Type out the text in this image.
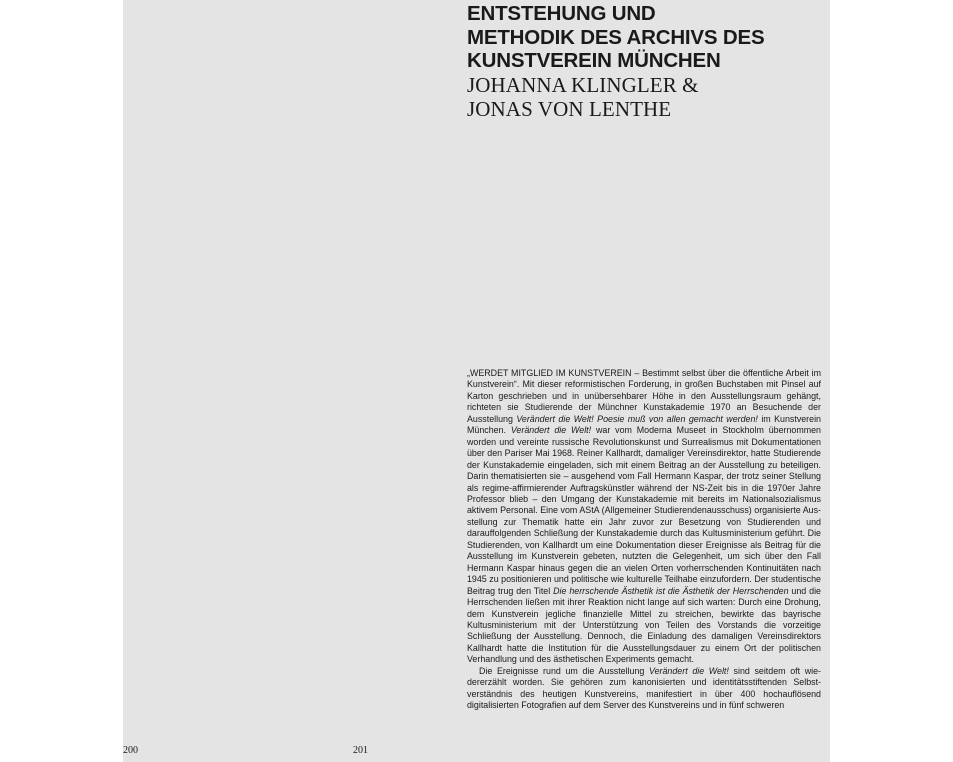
ENTSTEHUNG UND
METHODIK DES ARCHIVS DES
KUNSTVEREIN MÜNCHEN
JOHANNA KLINGLER &
JONAS VON LENTHE

„WERDET MITGLIED IM KUNSTVEREIN – Bestimmt selbst über die öffentliche Arbeit im Kunstverein“. Mit dieser reformistischen Forderung, in großen Buchstaben mit Pinsel auf Karton geschrieben und in unübersehbarer Höhe in den Ausstellungsraum gehängt, richteten sie Studierende der Münchner Kunstakademie 1970 an Besuchende der Ausstellung Verändert die Welt! Poesie muß von allen gemacht werden! im Kunstverein München. Verändert die Welt! war vom Moderna Museet in Stockholm übernommen worden und vereinte russische Revolutionskunst und Surrealismus mit Dokumentationen über den Pariser Mai 1968. Reiner Kallhardt, damaliger Vereinsdirektor, hatte Studierende der Kunstakademie eingeladen, sich mit einem Beitrag an der Ausstellung zu beteiligen. Darin thematisierten sie – ausgehend vom Fall Hermann Kaspar, der trotz seiner Stellung als regime-affirmierender Auftragskünstler während der NS-Zeit bis in die 1970er Jahre Professor blieb – den Umgang der Kunstakademie mit bereits im Nationalsozialismus aktivem Personal. Eine vom AStA (Allgemeiner Studierendenausschuss) organisierte Ausstellung zur Thematik hatte ein Jahr zuvor zur Besetzung von Studierenden und darauffolgenden Schließung der Kunstakademie durch das Kultusministerium geführt. Die Studierenden, von Kallhardt um eine Dokumentation dieser Ereignisse als Beitrag für die Ausstellung im Kunstverein gebeten, nutzten die Gelegenheit, um sich über den Fall Hermann Kaspar hinaus gegen die an vielen Orten vorherrschenden Kontinuitäten nach 1945 zu positionieren und politische wie kulturelle Teilhabe einzufordern. Der studentische Beitrag trug den Titel Die herrschende Ästhetik ist die Ästhetik der Herrschenden und die Herrschenden ließen mit ihrer Reaktion nicht lange auf sich warten: Durch eine Drohung, dem Kunstverein jegliche finanzielle Mittel zu streichen, bewirkte das bayrische Kultusministerium mit der Unterstützung von Teilen des Vorstands die vorzeitige Schließung der Ausstellung. Dennoch, die Einladung des damaligen Vereinsdirektors Kallhardt hatte die Institution für die Ausstellungsdauer zu einem Ort der politischen Verhandlung und des ästhetischen Experiments gemacht.

Die Ereignisse rund um die Ausstellung Verändert die Welt! sind seitdem oft wiedererzählt worden. Sie gehören zum kanonisierten und identitätsstiftenden Selbstverständnis des heutigen Kunstvereins, manifestiert in über 400 hochauflösend digitalisierten Fotografien auf dem Server des Kunstvereins und in fünf schweren

200	201
